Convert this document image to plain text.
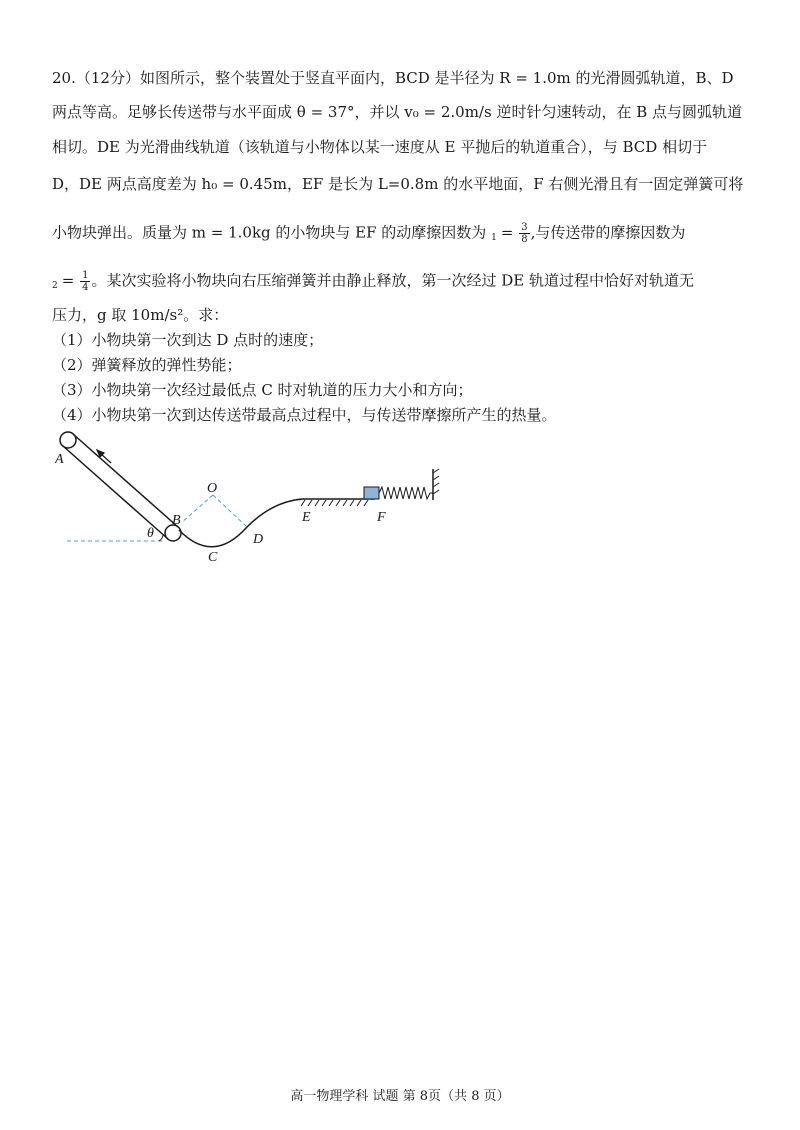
20.（12分）如图所示，整个装置处于竖直平面内，BCD 是半径为 R = 1.0m 的光滑圆弧轨道，B、D
两点等高。足够长传送带与水平面成 θ = 37°，并以 v₀ = 2.0m/s 逆时针匀速转动，在 B 点与圆弧轨道
相切。DE 为光滑曲线轨道（该轨道与小物体以某一速度从 E 平抛后的轨道重合），与 BCD 相切于
D，DE 两点高度差为 h₀ = 0.45m，EF 是长为 L=0.8m 的水平地面，F 右侧光滑且有一固定弹簧可将
小物块弹出。质量为 m = 1.0kg 的小物块与 EF 的动摩擦因数为 $_1 = \frac{3}{8}$ ,与传送带的摩擦因数为
$_2 = \frac{1}{4}$ 。某次实验将小物块向右压缩弹簧并由静止释放，第一次经过 DE 轨道过程中恰好对轨道无
压力，g 取 10m/s²。求：
（1）小物块第一次到达 D 点时的速度；
（2）弹簧释放的弹性势能；
（3）小物块第一次经过最低点 C 时对轨道的压力大小和方向；
（4）小物块第一次到达传送带最高点过程中，与传送带摩擦所产生的热量。
A
O
B
θ
C
D
E	F
高一物理学科 试题 第 8页（共 8 页）
